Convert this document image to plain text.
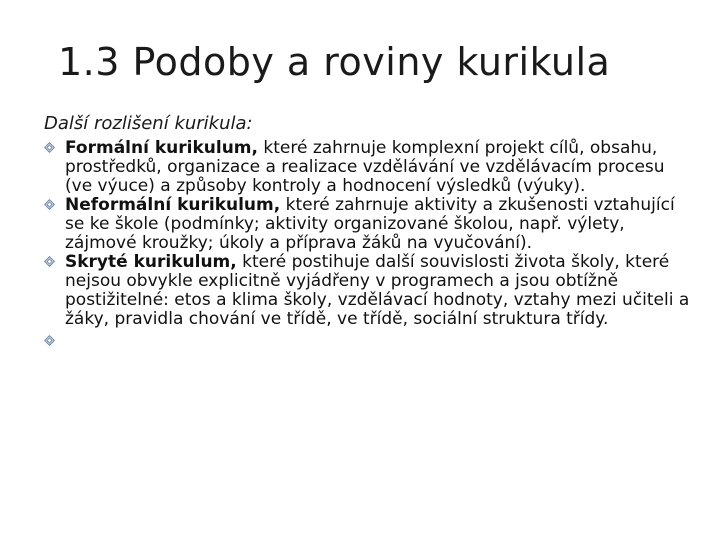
1.3 Podoby a roviny kurikula
Další rozlišení kurikula:
Formální kurikulum, které zahrnuje komplexní projekt cílů, obsahu, prostředků, organizace a realizace vzdělávání ve vzdělávacím procesu (ve výuce) a způsoby kontroly a hodnocení výsledků (výuky).
Neformální kurikulum, které zahrnuje aktivity a zkušenosti vztahující se ke škole (podmínky; aktivity organizované školou, např. výlety, zájmové kroužky; úkoly a příprava žáků na vyučování).
Skryté kurikulum, které postihuje další souvislosti života školy, které nejsou obvykle explicitně vyjádřeny v programech a jsou obtížně postižitelné: etos a klima školy, vzdělávací hodnoty, vztahy mezi učiteli a žáky, pravidla chování ve třídě, ve třídě, sociální struktura třídy.
